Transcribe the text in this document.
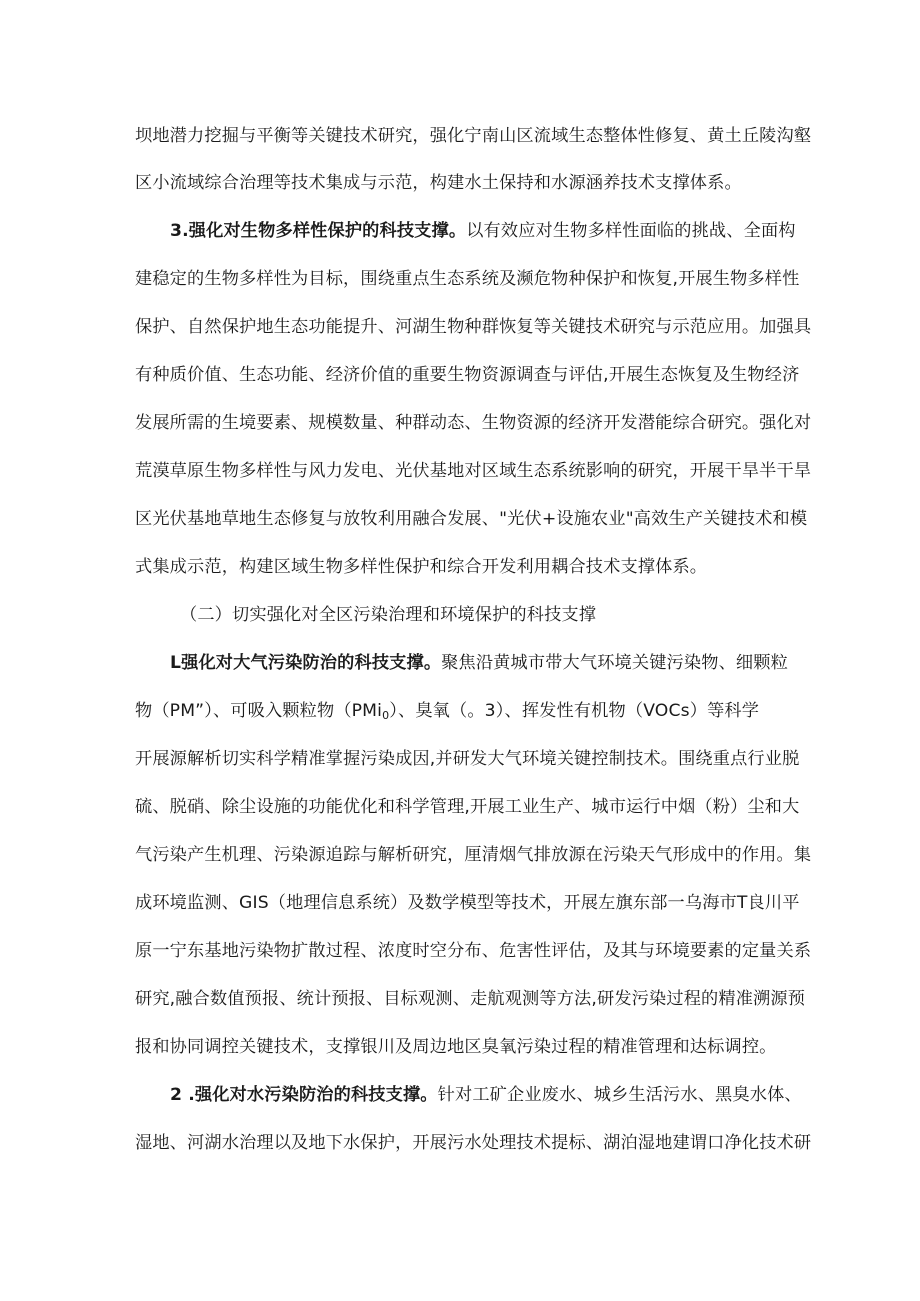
坝地潜力挖掘与平衡等关键技术研究，强化宁南山区流域生态整体性修复、黄土丘陵沟壑
区小流域综合治理等技术集成与示范，构建水土保持和水源涵养技术支撑体系。
3.强化对生物多样性保护的科技支撑。以有效应对生物多样性面临的挑战、全面构
建稳定的生物多样性为目标，围绕重点生态系统及濒危物种保护和恢复,开展生物多样性
保护、自然保护地生态功能提升、河湖生物种群恢复等关键技术研究与示范应用。加强具
有种质价值、生态功能、经济价值的重要生物资源调查与评估,开展生态恢复及生物经济
发展所需的生境要素、规模数量、种群动态、生物资源的经济开发潜能综合研究。强化对
荒漠草原生物多样性与风力发电、光伏基地对区域生态系统影响的研究，开展干旱半干旱
区光伏基地草地生态修复与放牧利用融合发展、"光伏+设施农业"高效生产关键技术和模
式集成示范，构建区域生物多样性保护和综合开发利用耦合技术支撑体系。
（二）切实强化对全区污染治理和环境保护的科技支撑
L强化对大气污染防治的科技支撑。聚焦沿黄城市带大气环境关键污染物、细颗粒
物（PM”）、可吸入颗粒物（PMi$_0$）、臭氧（。3）、挥发性有机物（VOCs）等科学
开展源解析切实科学精准掌握污染成因,并研发大气环境关键控制技术。围绕重点行业脱
硫、脱硝、除尘设施的功能优化和科学管理,开展工业生产、城市运行中烟（粉）尘和大
气污染产生机理、污染源追踪与解析研究，厘清烟气排放源在污染天气形成中的作用。集
成环境监测、GIS（地理信息系统）及数学模型等技术，开展左旗东部一乌海市T良川平
原一宁东基地污染物扩散过程、浓度时空分布、危害性评估，及其与环境要素的定量关系
研究,融合数值预报、统计预报、目标观测、走航观测等方法,研发污染过程的精准溯源预
报和协同调控关键技术，支撑银川及周边地区臭氧污染过程的精准管理和达标调控。
2 .强化对水污染防治的科技支撑。针对工矿企业废水、城乡生活污水、黑臭水体、
湿地、河湖水治理以及地下水保护，开展污水处理技术提标、湖泊湿地建谓口净化技术研
